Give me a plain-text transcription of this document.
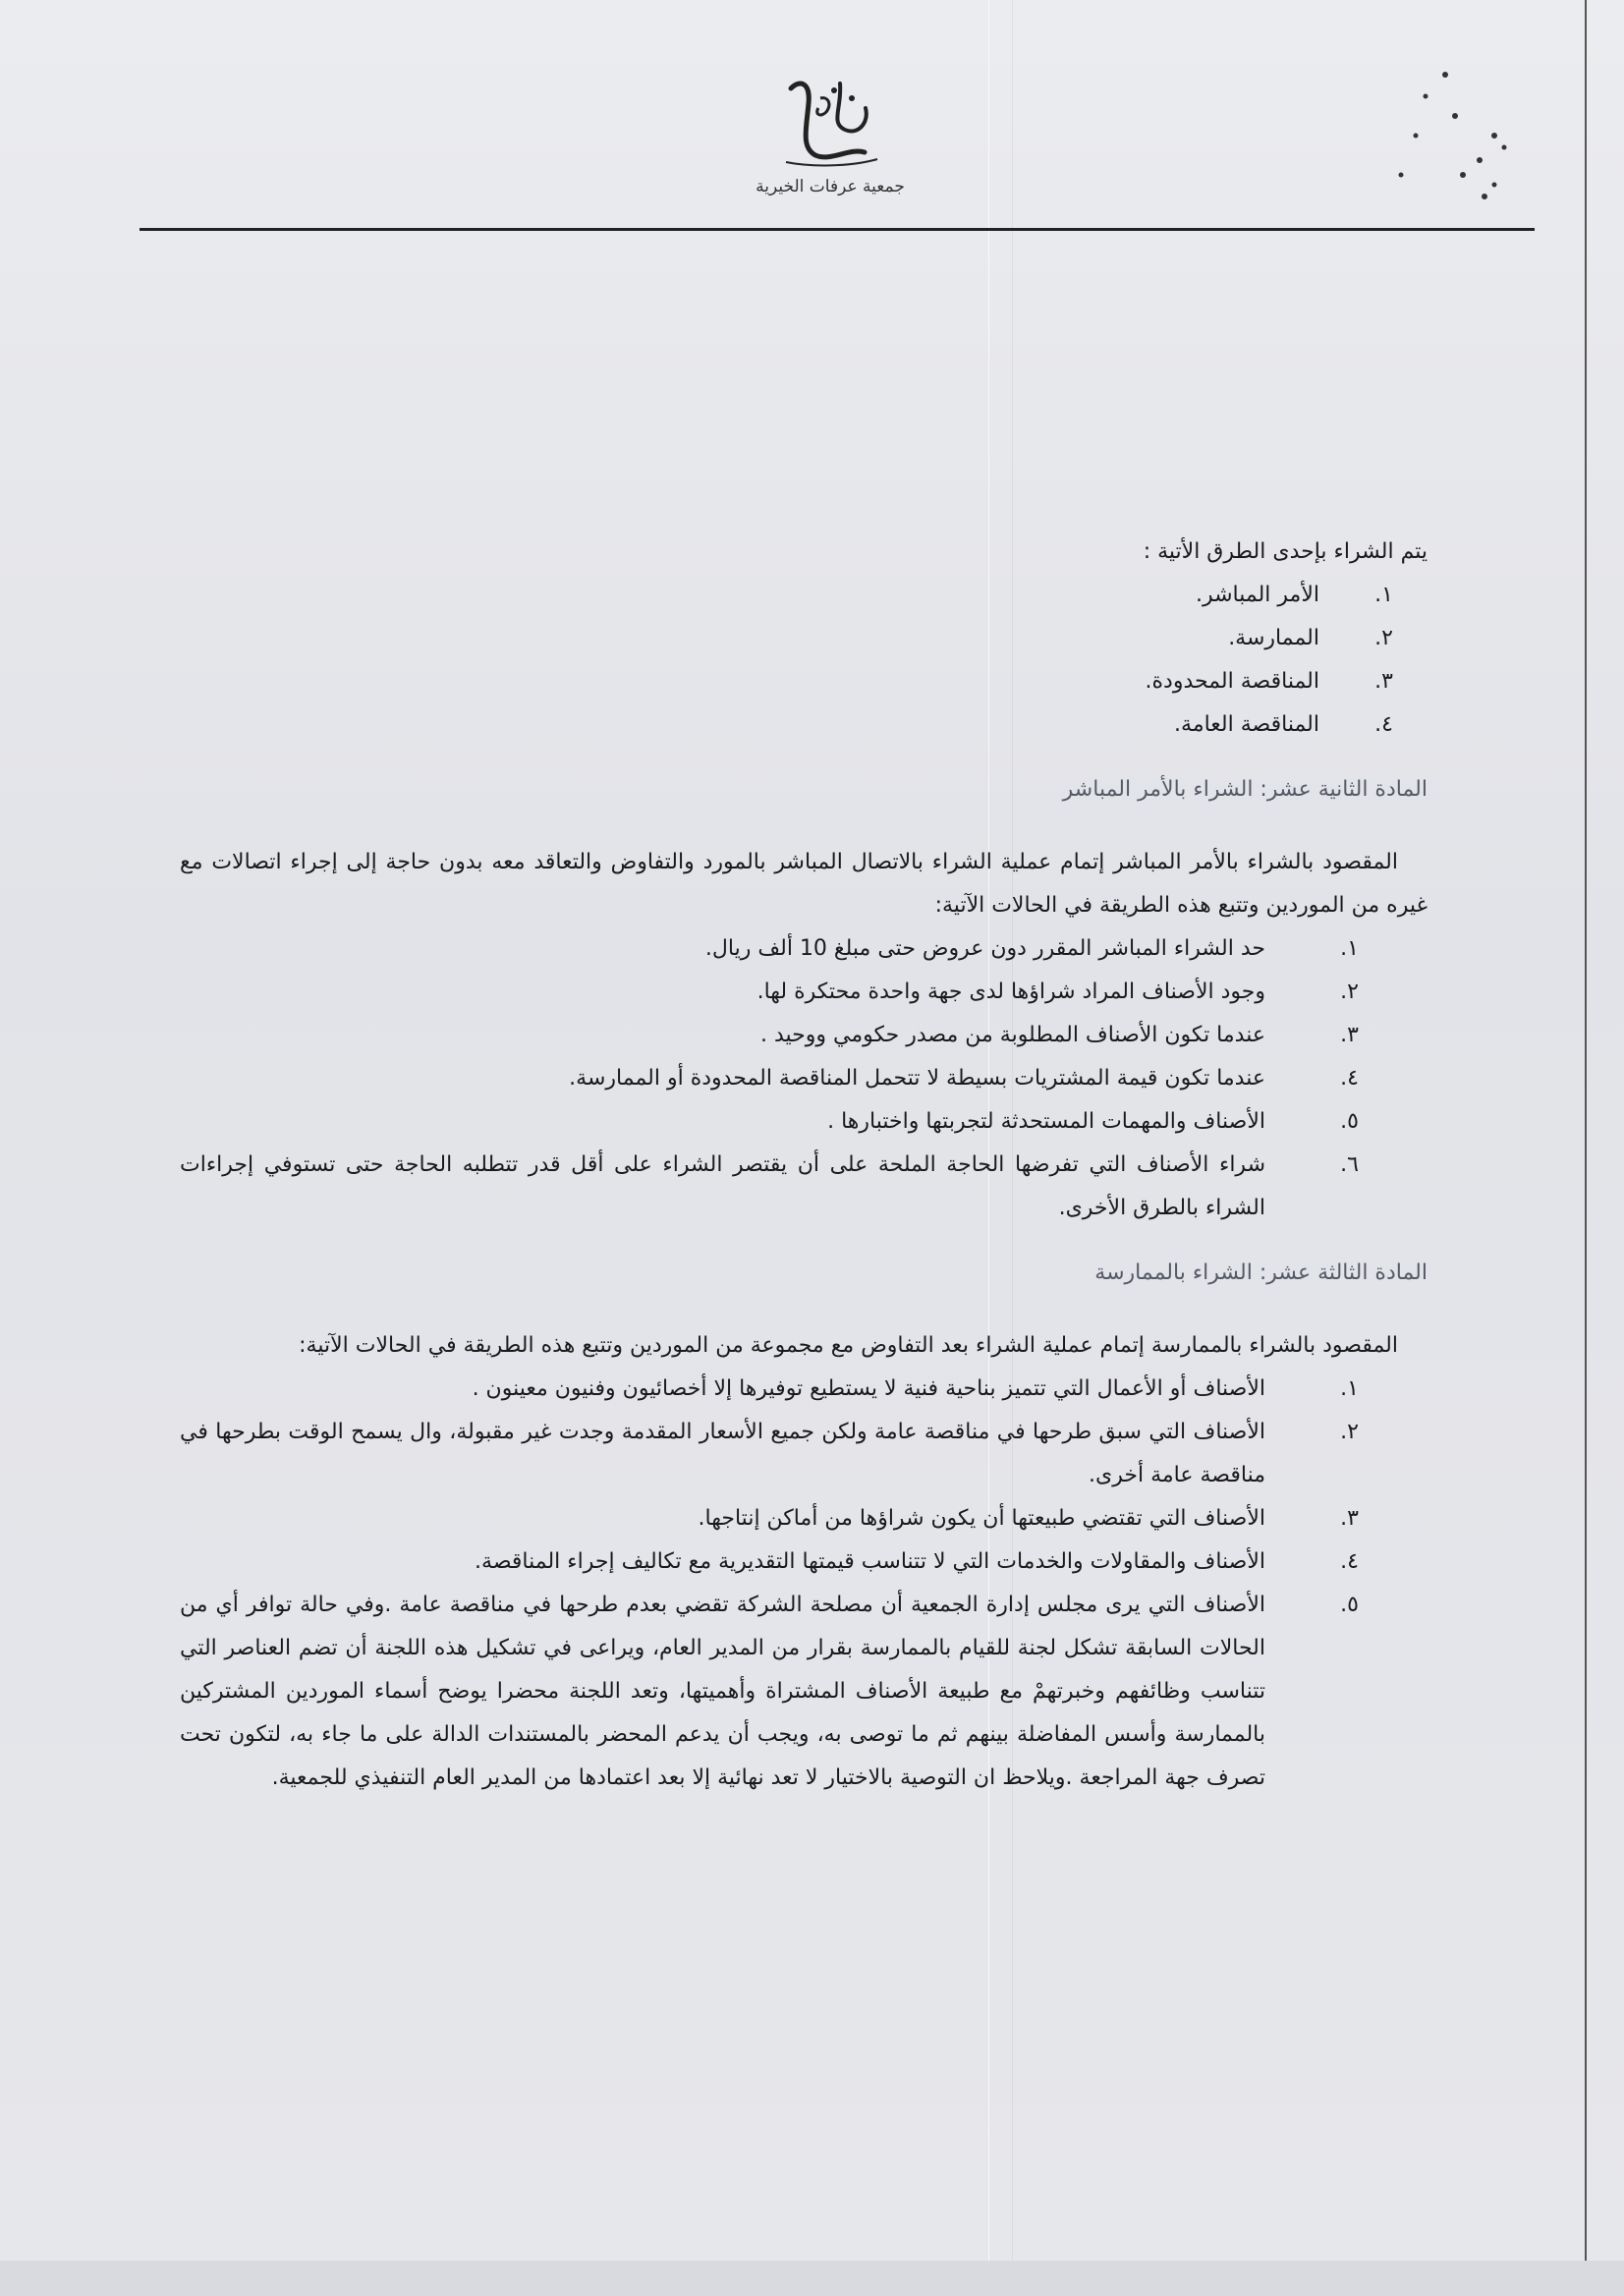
جمعية عرفات الخيرية

يتم الشراء بإحدى الطرق الأتية :

١.
الأمر المباشر.
٢.
الممارسة.
٣.
المناقصة المحدودة.
٤.
المناقصة العامة.
المادة الثانية عشر: الشراء بالأمر المباشر

المقصود بالشراء بالأمر المباشر إتمام عملية الشراء بالاتصال المباشر بالمورد والتفاوض والتعاقد معه بدون حاجة إلى إجراء اتصالات مع غيره من الموردين وتتبع هذه الطريقة في الحالات الآتية:

١.
حد الشراء المباشر المقرر دون عروض حتى مبلغ 10 ألف ريال.
٢.
وجود الأصناف المراد شراؤها لدى جهة واحدة محتكرة لها.
٣.
عندما تكون الأصناف المطلوبة من مصدر حكومي ووحيد .
٤.
عندما تكون قيمة المشتريات بسيطة لا تتحمل المناقصة المحدودة أو الممارسة.
٥.
الأصناف والمهمات المستحدثة لتجربتها واختبارها .
٦.
شراء الأصناف التي تفرضها الحاجة الملحة على أن يقتصر الشراء على أقل قدر تتطلبه الحاجة حتى تستوفي إجراءات الشراء بالطرق الأخرى.
المادة الثالثة عشر: الشراء بالممارسة

المقصود بالشراء بالممارسة إتمام عملية الشراء بعد التفاوض مع مجموعة من الموردين وتتبع هذه الطريقة في الحالات الآتية:

١.
الأصناف أو الأعمال التي تتميز بناحية فنية لا يستطيع توفيرها إلا أخصائيون وفنيون معينون .
٢.
الأصناف التي سبق طرحها في مناقصة عامة ولكن جميع الأسعار المقدمة وجدت غير مقبولة، وال يسمح الوقت بطرحها في مناقصة عامة أخرى.
٣.
الأصناف التي تقتضي طبيعتها أن يكون شراؤها من أماكن إنتاجها.
٤.
الأصناف والمقاولات والخدمات التي لا تتناسب قيمتها التقديرية مع تكاليف إجراء المناقصة.
٥.
الأصناف التي يرى مجلس إدارة الجمعية أن مصلحة الشركة تقضي بعدم طرحها في مناقصة عامة .وفي حالة توافر أي من الحالات السابقة تشكل لجنة للقيام بالممارسة بقرار من المدير العام، ويراعى في تشكيل هذه اللجنة أن تضم العناصر التي تتناسب وظائفهم وخبرتهمْ مع طبيعة الأصناف المشتراة وأهميتها، وتعد اللجنة محضرا يوضح أسماء الموردين المشتركين بالممارسة وأسس المفاضلة بينهم ثم ما توصى به، ويجب أن يدعم المحضر بالمستندات الدالة على ما جاء به، لتكون تحت تصرف جهة المراجعة .ويلاحظ ان التوصية بالاختيار لا تعد نهائية إلا بعد اعتمادها من المدير العام التنفيذي للجمعية.
